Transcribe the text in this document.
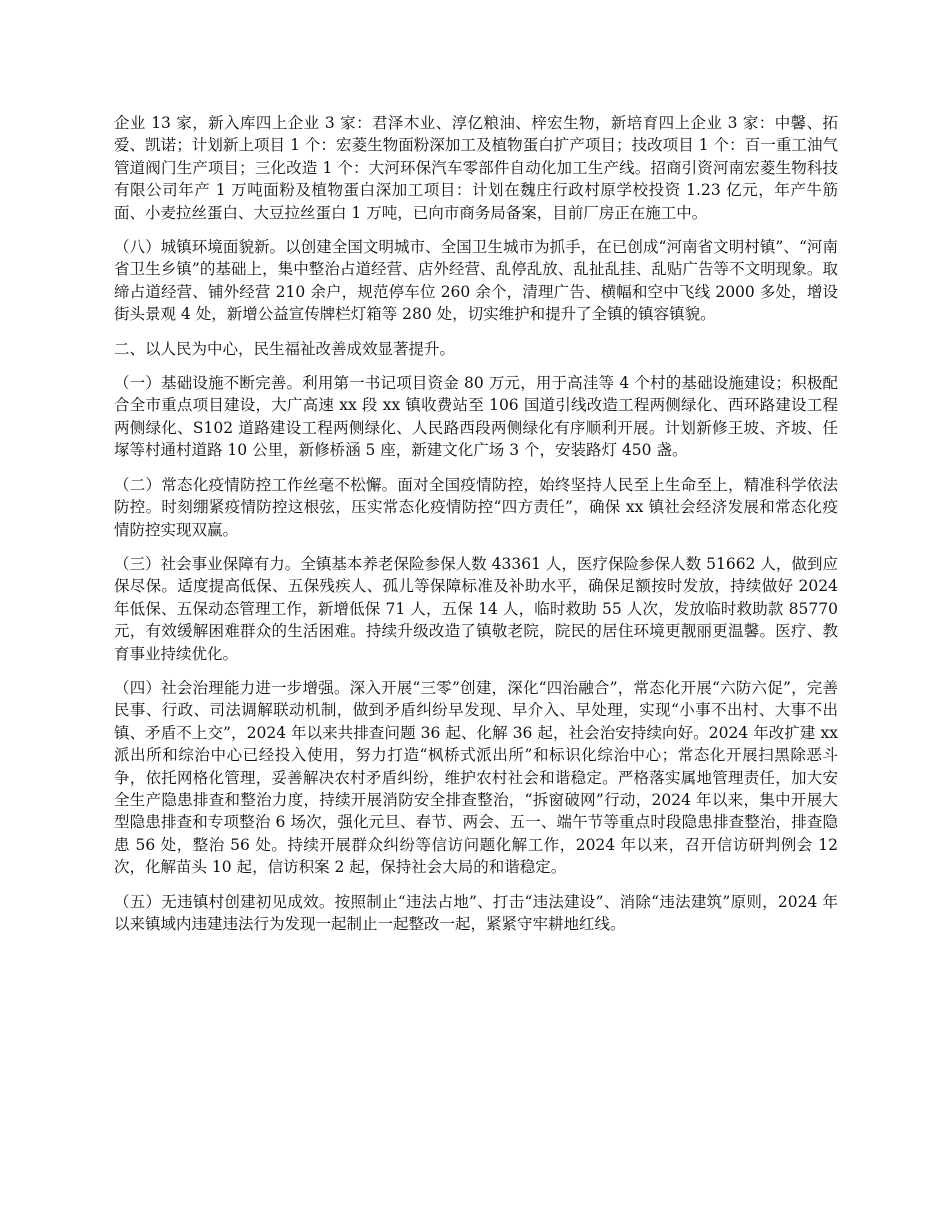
企业 13 家，新入库四上企业 3 家：君泽木业、淳亿粮油、梓宏生物，新培育四上企业 3 家：中馨、拓爱、凯诺；计划新上项目 1 个：宏菱生物面粉深加工及植物蛋白扩产项目；技改项目 1 个：百一重工油气管道阀门生产项目；三化改造 1 个：大河环保汽车零部件自动化加工生产线。招商引资河南宏菱生物科技有限公司年产 1 万吨面粉及植物蛋白深加工项目：计划在魏庄行政村原学校投资 1.23 亿元，年产牛筋面、小麦拉丝蛋白、大豆拉丝蛋白 1 万吨，已向市商务局备案，目前厂房正在施工中。

（八）城镇环境面貌新。以创建全国文明城市、全国卫生城市为抓手，在已创成“河南省文明村镇”、“河南省卫生乡镇”的基础上，集中整治占道经营、店外经营、乱停乱放、乱扯乱挂、乱贴广告等不文明现象。取缔占道经营、铺外经营 210 余户，规范停车位 260 余个，清理广告、横幅和空中飞线 2000 多处，增设街头景观 4 处，新增公益宣传牌栏灯箱等 280 处，切实维护和提升了全镇的镇容镇貌。

二、以人民为中心，民生福祉改善成效显著提升。

（一）基础设施不断完善。利用第一书记项目资金 80 万元，用于高洼等 4 个村的基础设施建设；积极配合全市重点项目建设，大广高速 xx 段 xx 镇收费站至 106 国道引线改造工程两侧绿化、西环路建设工程两侧绿化、S102 道路建设工程两侧绿化、人民路西段两侧绿化有序顺利开展。计划新修王坡、齐坡、任塚等村通村道路 10 公里，新修桥涵 5 座，新建文化广场 3 个，安装路灯 450 盏。

（二）常态化疫情防控工作丝毫不松懈。面对全国疫情防控，始终坚持人民至上生命至上，精准科学依法防控。时刻绷紧疫情防控这根弦，压实常态化疫情防控“四方责任”，确保 xx 镇社会经济发展和常态化疫情防控实现双赢。

（三）社会事业保障有力。全镇基本养老保险参保人数 43361 人，医疗保险参保人数 51662 人，做到应保尽保。适度提高低保、五保残疾人、孤儿等保障标准及补助水平，确保足额按时发放，持续做好 2024 年低保、五保动态管理工作，新增低保 71 人，五保 14 人，临时救助 55 人次，发放临时救助款 85770 元，有效缓解困难群众的生活困难。持续升级改造了镇敬老院，院民的居住环境更靓丽更温馨。医疗、教育事业持续优化。

（四）社会治理能力进一步增强。深入开展“三零”创建，深化“四治融合”，常态化开展“六防六促”，完善民事、行政、司法调解联动机制，做到矛盾纠纷早发现、早介入、早处理，实现“小事不出村、大事不出镇、矛盾不上交”，2024 年以来共排查问题 36 起、化解 36 起，社会治安持续向好。2024 年改扩建 xx 派出所和综治中心已经投入使用，努力打造“枫桥式派出所”和标识化综治中心；常态化开展扫黑除恶斗争，依托网格化管理，妥善解决农村矛盾纠纷，维护农村社会和谐稳定。严格落实属地管理责任，加大安全生产隐患排查和整治力度，持续开展消防安全排查整治，“拆窗破网”行动，2024 年以来，集中开展大型隐患排查和专项整治 6 场次，强化元旦、春节、两会、五一、端午节等重点时段隐患排查整治，排查隐患 56 处，整治 56 处。持续开展群众纠纷等信访问题化解工作，2024 年以来，召开信访研判例会 12 次，化解苗头 10 起，信访积案 2 起，保持社会大局的和谐稳定。

（五）无违镇村创建初见成效。按照制止“违法占地”、打击“违法建设”、消除“违法建筑”原则，2024 年以来镇域内违建违法行为发现一起制止一起整改一起，紧紧守牢耕地红线。
